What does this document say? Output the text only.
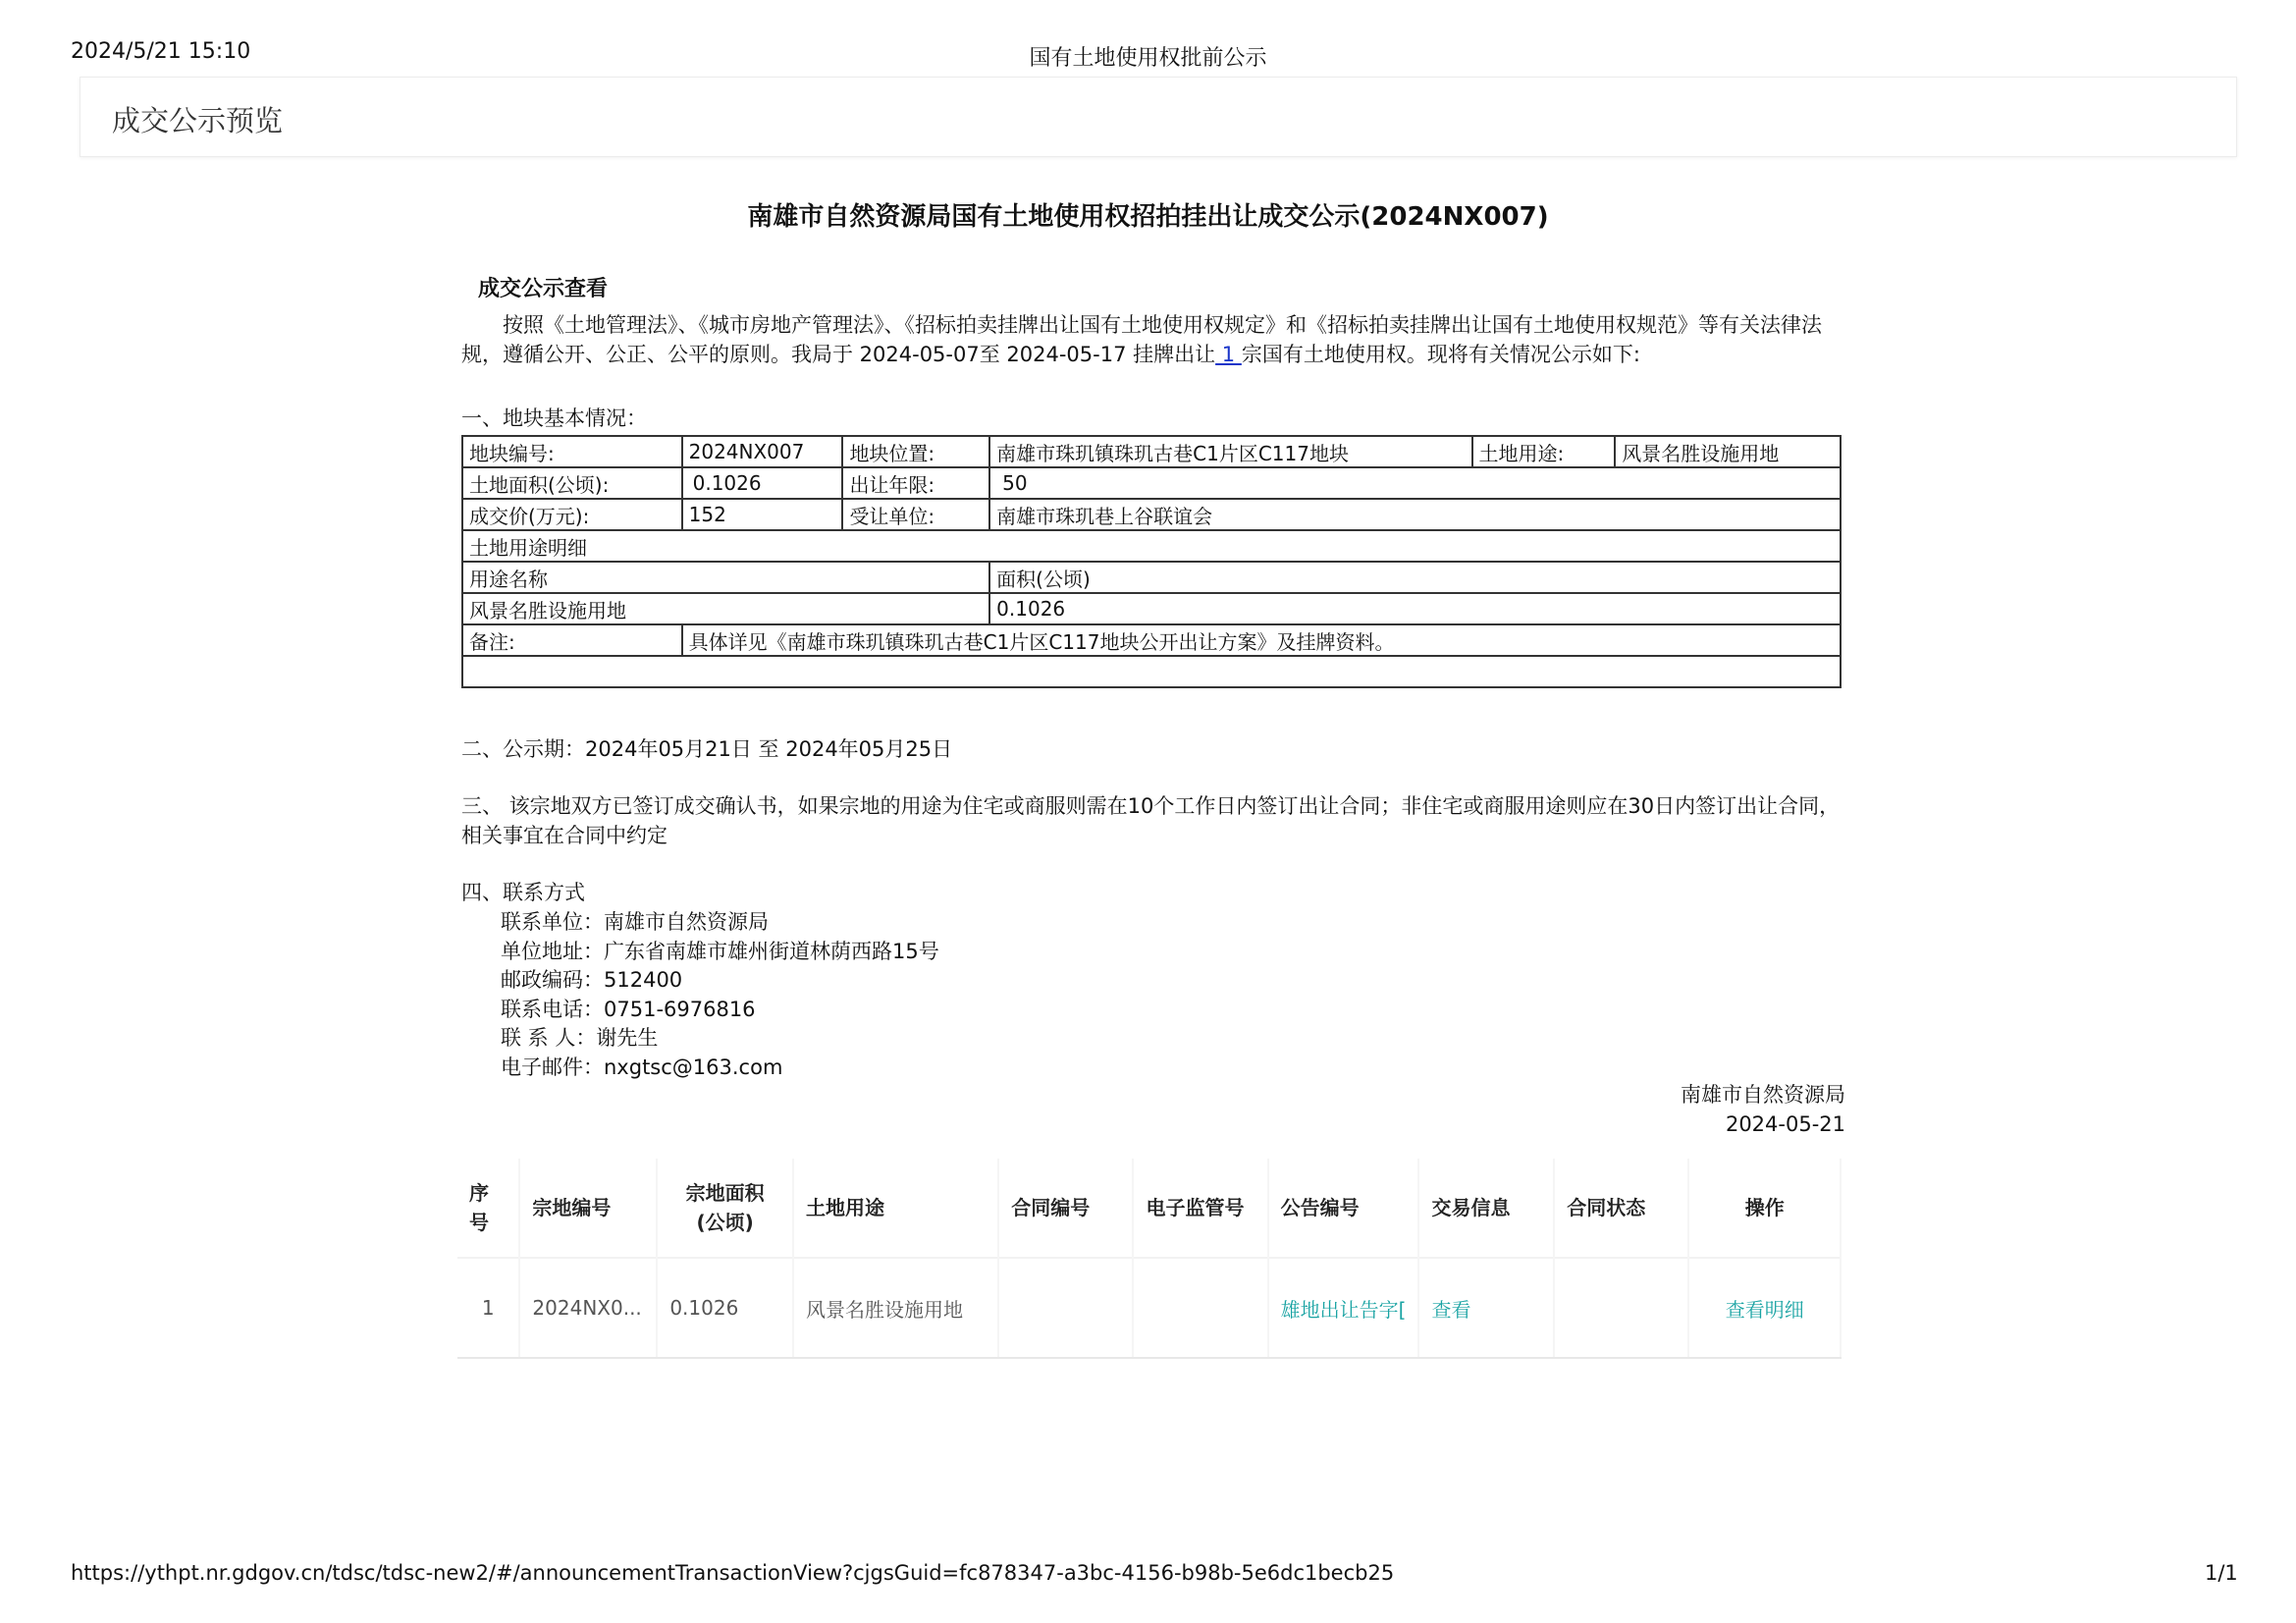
2024/5/21 15:10	国有土地使用权批前公示
成交公示预览
南雄市自然资源局国有土地使用权招拍挂出让成交公示(2024NX007)
成交公示查看
按照《土地管理法》、《城市房地产管理法》、《招标拍卖挂牌出让国有土地使用权规定》和《招标拍卖挂牌出让国有土地使用权规范》等有关法律法规，遵循公开、公正、公平的原则。我局于 2024-05-07至 2024-05-17 挂牌出让 1 宗国有土地使用权。现将有关情况公示如下:
一、地块基本情况：
地块编号:	2024NX007	地块位置:	南雄市珠玑镇珠玑古巷C1片区C117地块	土地用途:	风景名胜设施用地
土地面积(公顷):	0.1026	出让年限:	50		
成交价(万元):	152	受让单位:	南雄市珠玑巷上谷联谊会		
土地用途明细					
用途名称			面积(公顷)		
风景名胜设施用地			0.1026		
备注:	具体详见《南雄市珠玑镇珠玑古巷C1片区C117地块公开出让方案》及挂牌资料。				

二、公示期：2024年05月21日 至 2024年05月25日
三、 该宗地双方已签订成交确认书，如果宗地的用途为住宅或商服则需在10个工作日内签订出让合同；非住宅或商服用途则应在30日内签订出让合同，相关事宜在合同中约定
四、联系方式
联系单位：南雄市自然资源局
单位地址：广东省南雄市雄州街道林荫西路15号
邮政编码：512400
联系电话：0751-6976816
联 系 人：谢先生
电子邮件：nxgtsc@163.com
南雄市自然资源局
2024-05-21
序号	宗地编号	宗地面积
(公顷)	土地用途	合同编号	电子监管号	公告编号	交易信息	合同状态	操作
1	2024NX0...	0.1026	风景名胜设施用地			雄地出让告字[	查看		查看明细
https://ythpt.nr.gdgov.cn/tdsc/tdsc-new2/#/announcementTransactionView?cjgsGuid=fc878347-a3bc-4156-b98b-5e6dc1becb25	1/1
